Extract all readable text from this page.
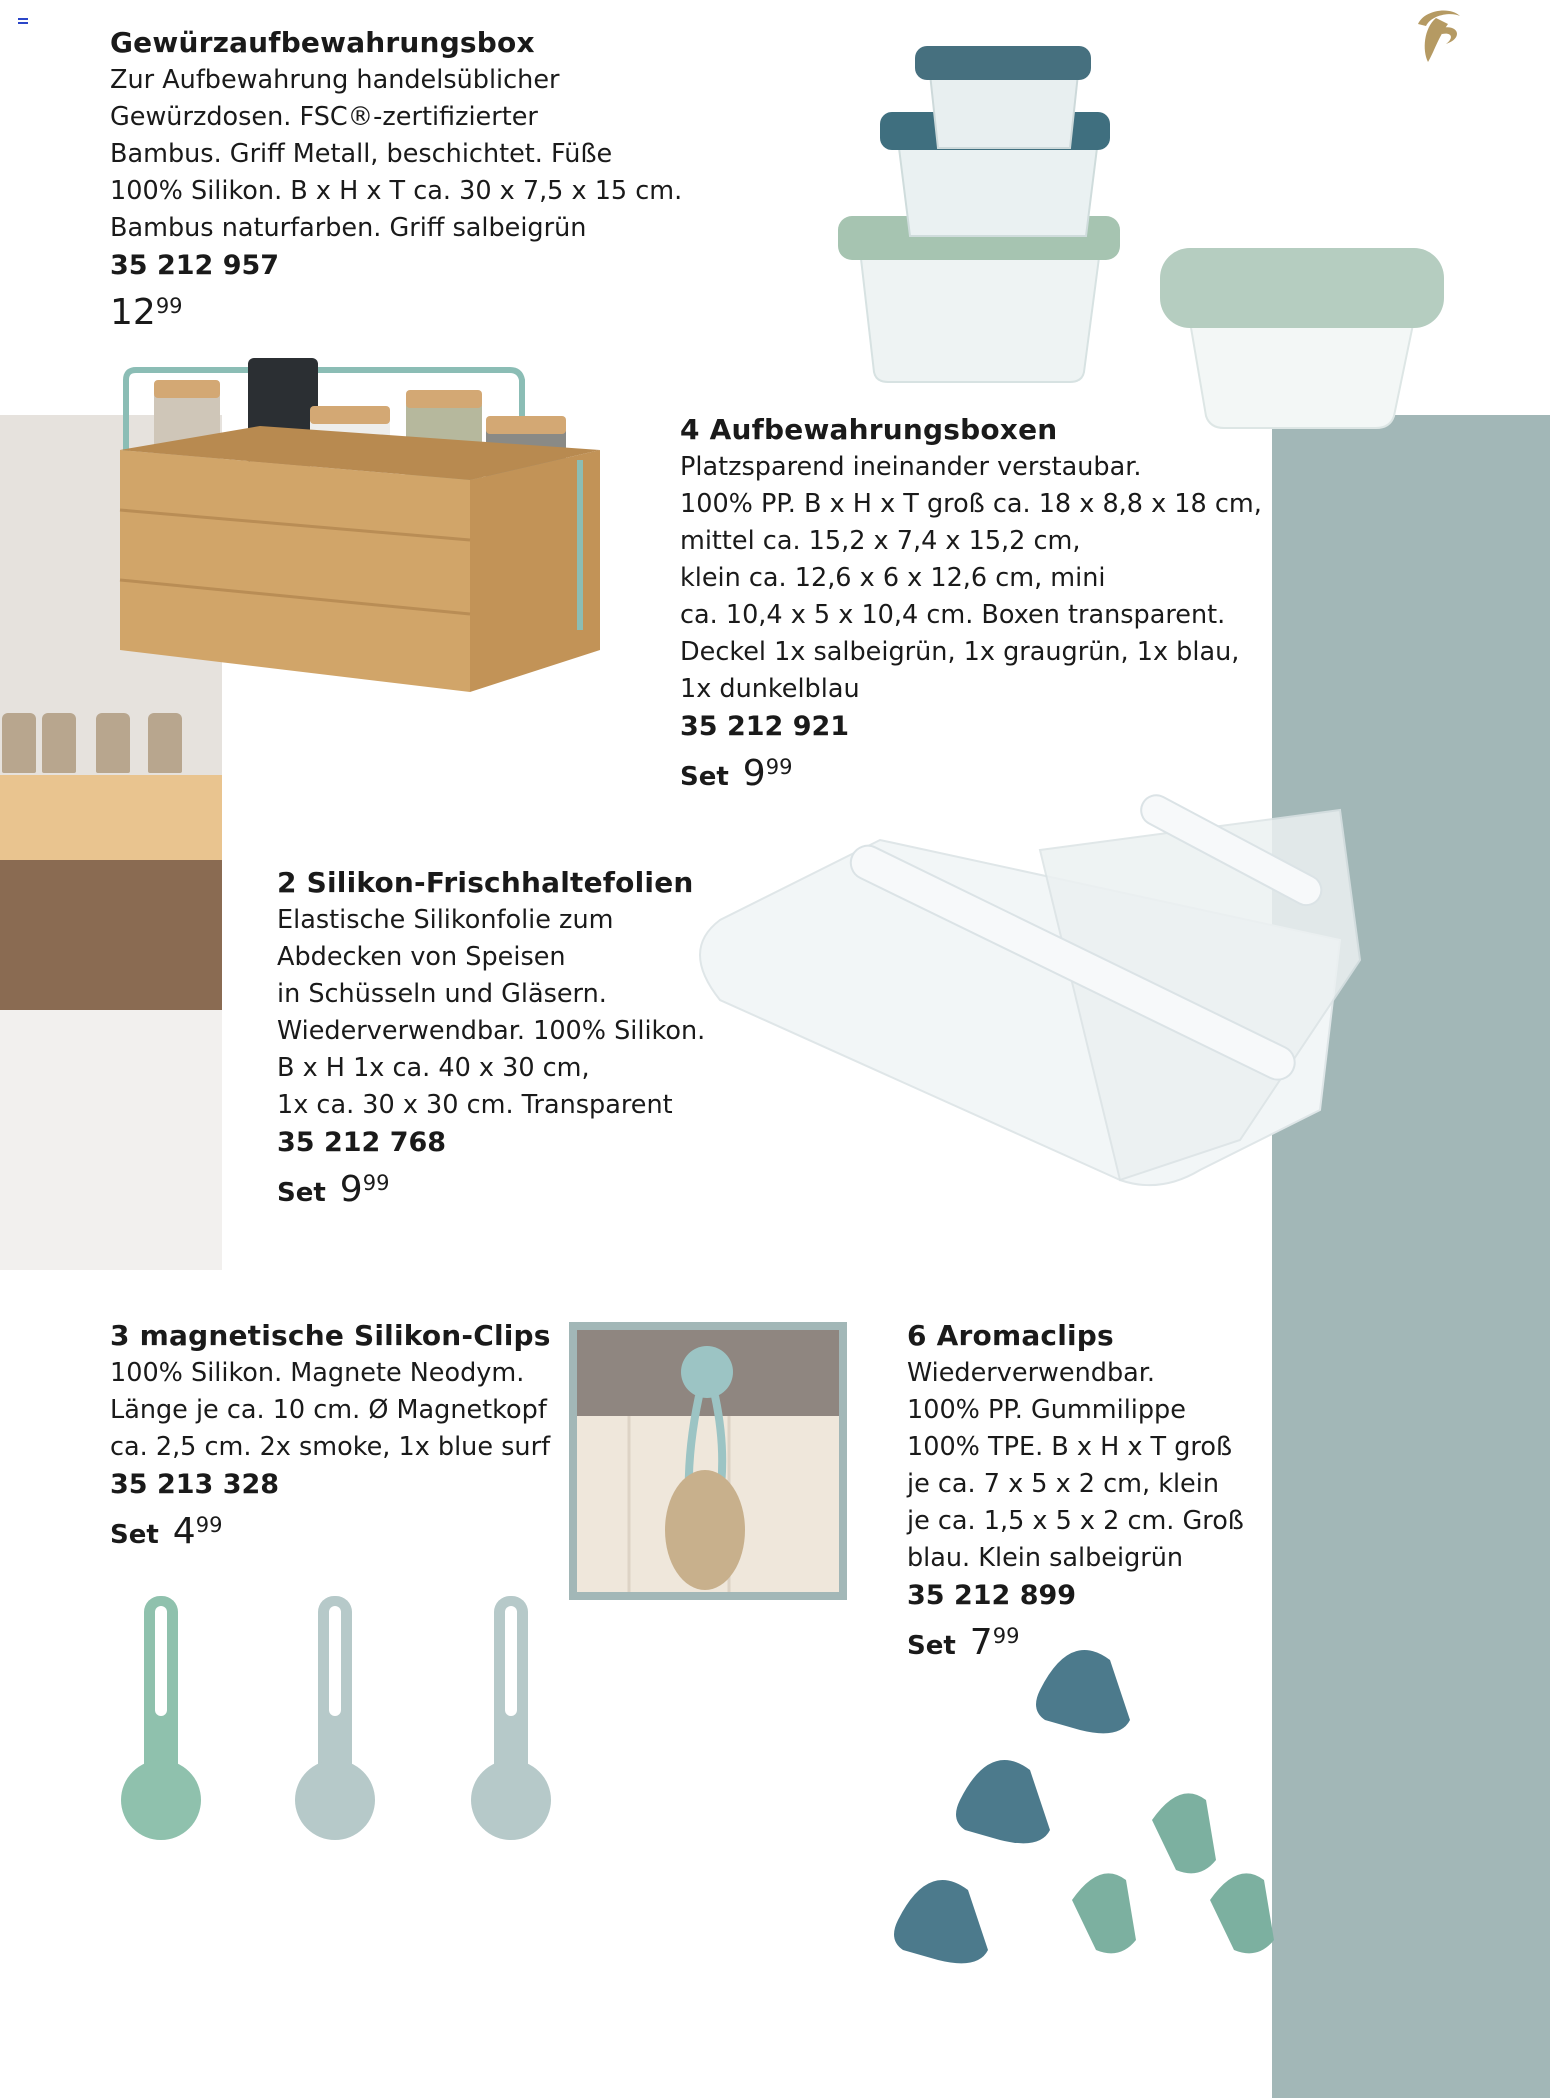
Gewürzaufbewahrungsbox

Zur Aufbewahrung handelsüblicher
Gewürzdosen. FSC®-zertifizierter
Bambus. Griff Metall, beschichtet. Füße
100% Silikon. B x H x T ca. 30 x 7,5 x 15 cm.
Bambus naturfarben. Griff salbeigrün

35 212 957
12 99
4 Aufbewahrungsboxen

Platzsparend ineinander verstaubar.
100% PP. B x H x T groß ca. 18 x 8,8 x 18 cm,
mittel ca. 15,2 x 7,4 x 15,2 cm,
klein ca. 12,6 x 6 x 12,6 cm, mini
ca. 10,4 x 5 x 10,4 cm. Boxen transparent.
Deckel 1x salbeigrün, 1x graugrün, 1x blau,
1x dunkelblau

35 212 921
Set 9 99
2 Silikon-Frischhaltefolien

Elastische Silikonfolie zum
Abdecken von Speisen
in Schüsseln und Gläsern.
Wiederverwendbar. 100% Silikon.
B x H 1x ca. 40 x 30 cm,
1x ca. 30 x 30 cm. Transparent

35 212 768
Set 9 99
3 magnetische Silikon-Clips

100% Silikon. Magnete Neodym.
Länge je ca. 10 cm. Ø Magnetkopf
ca. 2,5 cm. 2x smoke, 1x blue surf

35 213 328
Set 4 99
6 Aromaclips

Wiederverwendbar.
100% PP. Gummilippe
100% TPE. B x H x T groß
je ca. 7 x 5 x 2 cm, klein
je ca. 1,5 x 5 x 2 cm. Groß
blau. Klein salbeigrün

35 212 899
Set 7 99
